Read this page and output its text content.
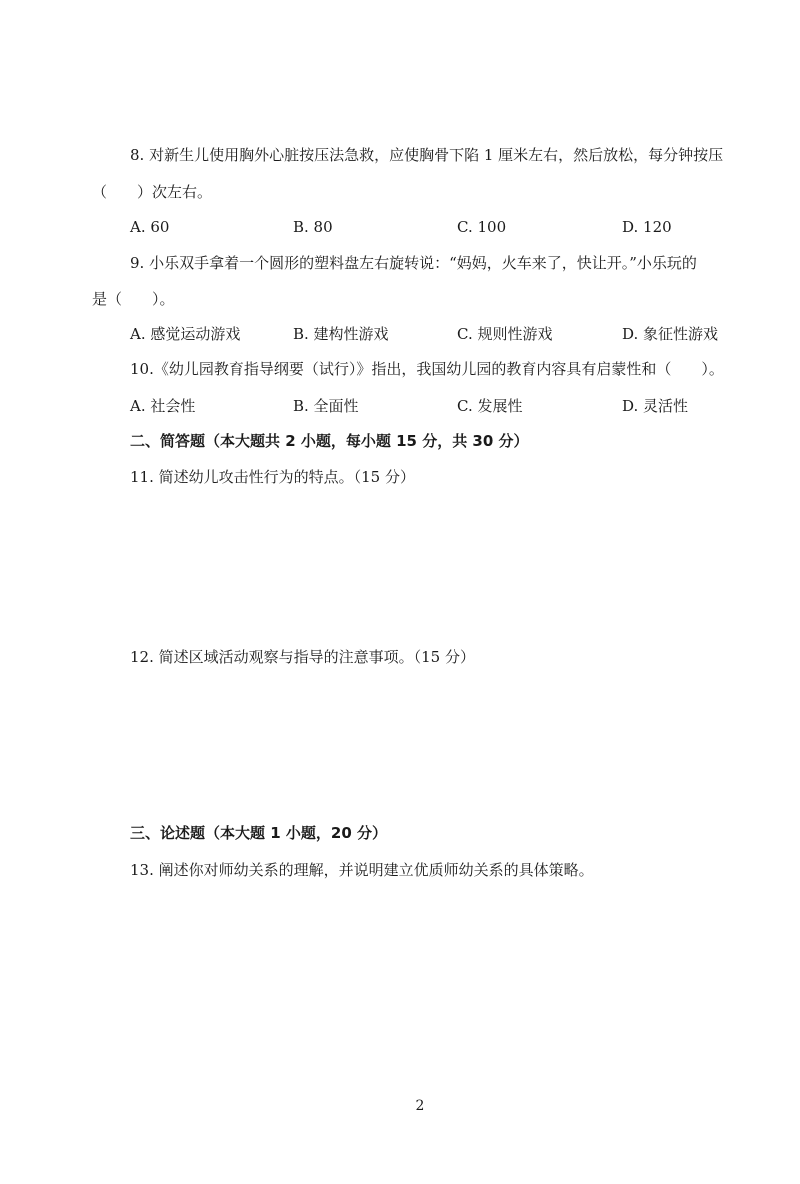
8. 对新生儿使用胸外心脏按压法急救，应使胸骨下陷 1 厘米左右，然后放松，每分钟按压
（　　）次左右。
A. 60	B. 80	C. 100	D. 120
9. 小乐双手拿着一个圆形的塑料盘左右旋转说：“妈妈，火车来了，快让开。”小乐玩的
是（　　）。
A. 感觉运动游戏	B. 建构性游戏	C. 规则性游戏	D. 象征性游戏
10.《幼儿园教育指导纲要（试行）》指出，我国幼儿园的教育内容具有启蒙性和（　　）。
A. 社会性	B. 全面性	C. 发展性	D. 灵活性
二、简答题（本大题共 2 小题，每小题 15 分，共 30 分）
11. 简述幼儿攻击性行为的特点。（15 分）
12. 简述区域活动观察与指导的注意事项。（15 分）
三、论述题（本大题 1 小题，20 分）
13. 阐述你对师幼关系的理解，并说明建立优质师幼关系的具体策略。
2
